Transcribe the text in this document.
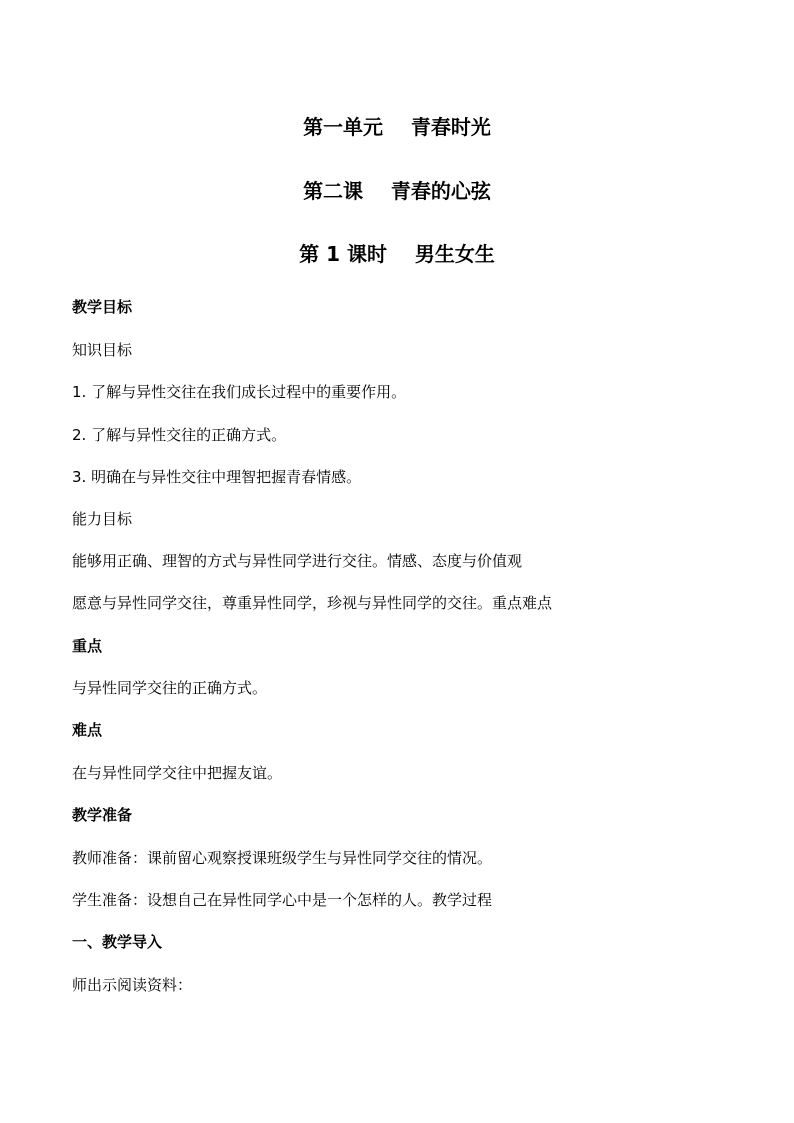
第一单元    青春时光
第二课    青春的心弦
第 1 课时    男生女生
教学目标
知识目标
1. 了解与异性交往在我们成长过程中的重要作用。
2. 了解与异性交往的正确方式。
3. 明确在与异性交往中理智把握青春情感。
能力目标
能够用正确、理智的方式与异性同学进行交往。情感、态度与价值观
愿意与异性同学交往，尊重异性同学，珍视与异性同学的交往。重点难点
重点
与异性同学交往的正确方式。
难点
在与异性同学交往中把握友谊。
教学准备
教师准备：课前留心观察授课班级学生与异性同学交往的情况。
学生准备：设想自己在异性同学心中是一个怎样的人。教学过程
一、教学导入
师出示阅读资料：
